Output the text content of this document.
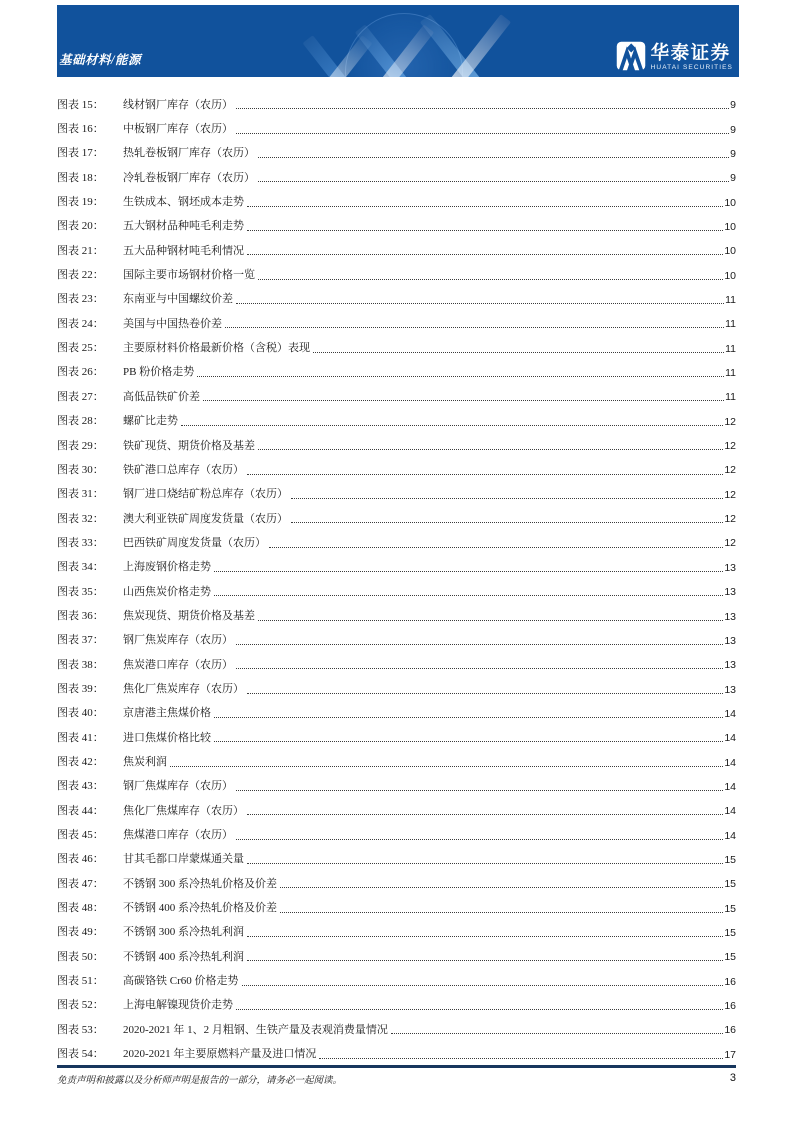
基础材料/能源	华泰证券
HUATAI SECURITIES
图表 15：	线材钢厂库存（农历）	9
图表 16：	中板钢厂库存（农历）	9
图表 17：	热轧卷板钢厂库存（农历）	9
图表 18：	冷轧卷板钢厂库存（农历）	9
图表 19：	生铁成本、钢坯成本走势	10
图表 20：	五大钢材品种吨毛利走势	10
图表 21：	五大品种钢材吨毛利情况	10
图表 22：	国际主要市场钢材价格一览	10
图表 23：	东南亚与中国螺纹价差	11
图表 24：	美国与中国热卷价差	11
图表 25：	主要原材料价格最新价格（含税）表现	11
图表 26：	PB 粉价格走势	11
图表 27：	高低品铁矿价差	11
图表 28：	螺矿比走势	12
图表 29：	铁矿现货、期货价格及基差	12
图表 30：	铁矿港口总库存（农历）	12
图表 31：	钢厂进口烧结矿粉总库存（农历）	12
图表 32：	澳大利亚铁矿周度发货量（农历）	12
图表 33：	巴西铁矿周度发货量（农历）	12
图表 34：	上海废钢价格走势	13
图表 35：	山西焦炭价格走势	13
图表 36：	焦炭现货、期货价格及基差	13
图表 37：	钢厂焦炭库存（农历）	13
图表 38：	焦炭港口库存（农历）	13
图表 39：	焦化厂焦炭库存（农历）	13
图表 40：	京唐港主焦煤价格	14
图表 41：	进口焦煤价格比较	14
图表 42：	焦炭利润	14
图表 43：	钢厂焦煤库存（农历）	14
图表 44：	焦化厂焦煤库存（农历）	14
图表 45：	焦煤港口库存（农历）	14
图表 46：	甘其毛都口岸蒙煤通关量	15
图表 47：	不锈钢 300 系冷热轧价格及价差	15
图表 48：	不锈钢 400 系冷热轧价格及价差	15
图表 49：	不锈钢 300 系冷热轧利润	15
图表 50：	不锈钢 400 系冷热轧利润	15
图表 51：	高碳铬铁 Cr60 价格走势	16
图表 52：	上海电解镍现货价走势	16
图表 53：	2020-2021 年 1、2 月粗钢、生铁产量及表观消费量情况	16
图表 54：	2020-2021 年主要原燃料产量及进口情况	17
免责声明和披露以及分析师声明是报告的一部分，请务必一起阅读。	3
